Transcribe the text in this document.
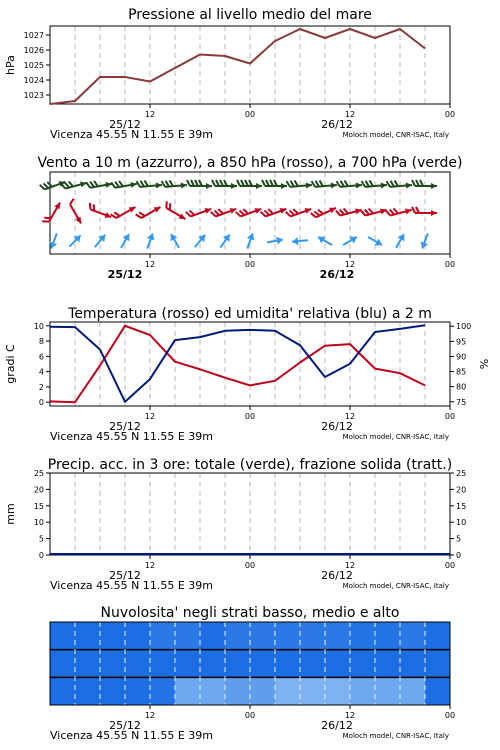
Pressione al livello medio del mare
1023
1024
1025
1026
1027
hPa
12	00	12	00
25/12	26/12
Vicenza 45.55 N 11.55 E 39m	Moloch model, CNR-ISAC, Italy
Vento a 10 m (azzurro), a 850 hPa (rosso), a 700 hPa (verde)
12	00	12	00
25/12	26/12
Temperatura (rosso) ed umidita' relativa (blu) a 2 m
0
2
4
6
8
10
75
80
85
90
95
100
gradi C	%
12	00	12	00
25/12	26/12
Vicenza 45.55 N 11.55 E 39m	Moloch model, CNR-ISAC, Italy
Precip. acc. in 3 ore: totale (verde), frazione solida (tratt.)
0	0
5	5
10	10
15	15
20	20
25	25
mm
12	00	12	00
25/12	26/12
Vicenza 45.55 N 11.55 E 39m	Moloch model, CNR-ISAC, Italy
Nuvolosita' negli strati basso, medio e alto
12	00	12	00
25/12	26/12
Vicenza 45.55 N 11.55 E 39m	Moloch model, CNR-ISAC, Italy
